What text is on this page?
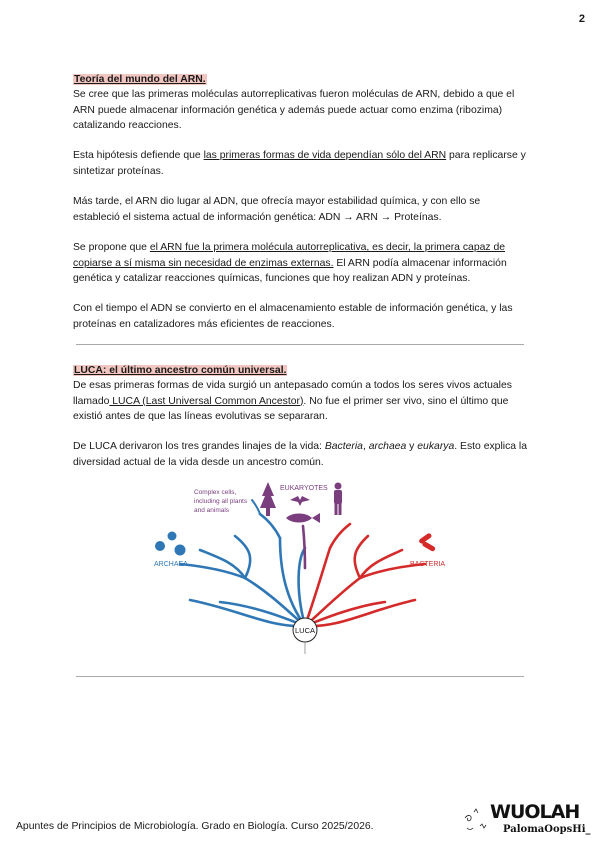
2

Teoría del mundo del ARN.

Se cree que las primeras moléculas autorreplicativas fueron moléculas de ARN, debido a que el ARN puede almacenar información genética y además puede actuar como enzima (ribozima) catalizando reacciones.

Esta hipótesis defiende que las primeras formas de vida dependían sólo del ARN para replicarse y sintetizar proteínas.

Más tarde, el ARN dio lugar al ADN, que ofrecía mayor estabilidad química, y con ello se estableció el sistema actual de información genética: ADN → ARN → Proteínas.

Se propone que el ARN fue la primera molécula autorreplicativa, es decir, la primera capaz de copiarse a sí misma sin necesidad de enzimas externas. El ARN podía almacenar información genética y catalizar reacciones químicas, funciones que hoy realizan ADN y proteínas.

Con el tiempo el ADN se convierto en el almacenamiento estable de información genética, y las proteínas en catalizadores más eficientes de reacciones.

LUCA: el último ancestro común universal.

De esas primeras formas de vida surgió un antepasado común a todos los seres vivos actuales llamado LUCA (Last Universal Common Ancestor). No fue el primer ser vivo, sino el último que existió antes de que las líneas evolutivas se separaran.

De LUCA derivaron los tres grandes linajes de la vida: Bacteria, archaea y eukarya. Esto explica la diversidad actual de la vida desde un ancestro común.

LUCA
ARCHAEA	BACTERIA
Complex cells,
including all plants
and animals
EUKARYOTES
Apuntes de Principios de Microbiología. Grado en Biología. Curso 2025/2026.
WUOLAH
PalomaOopsHi_
